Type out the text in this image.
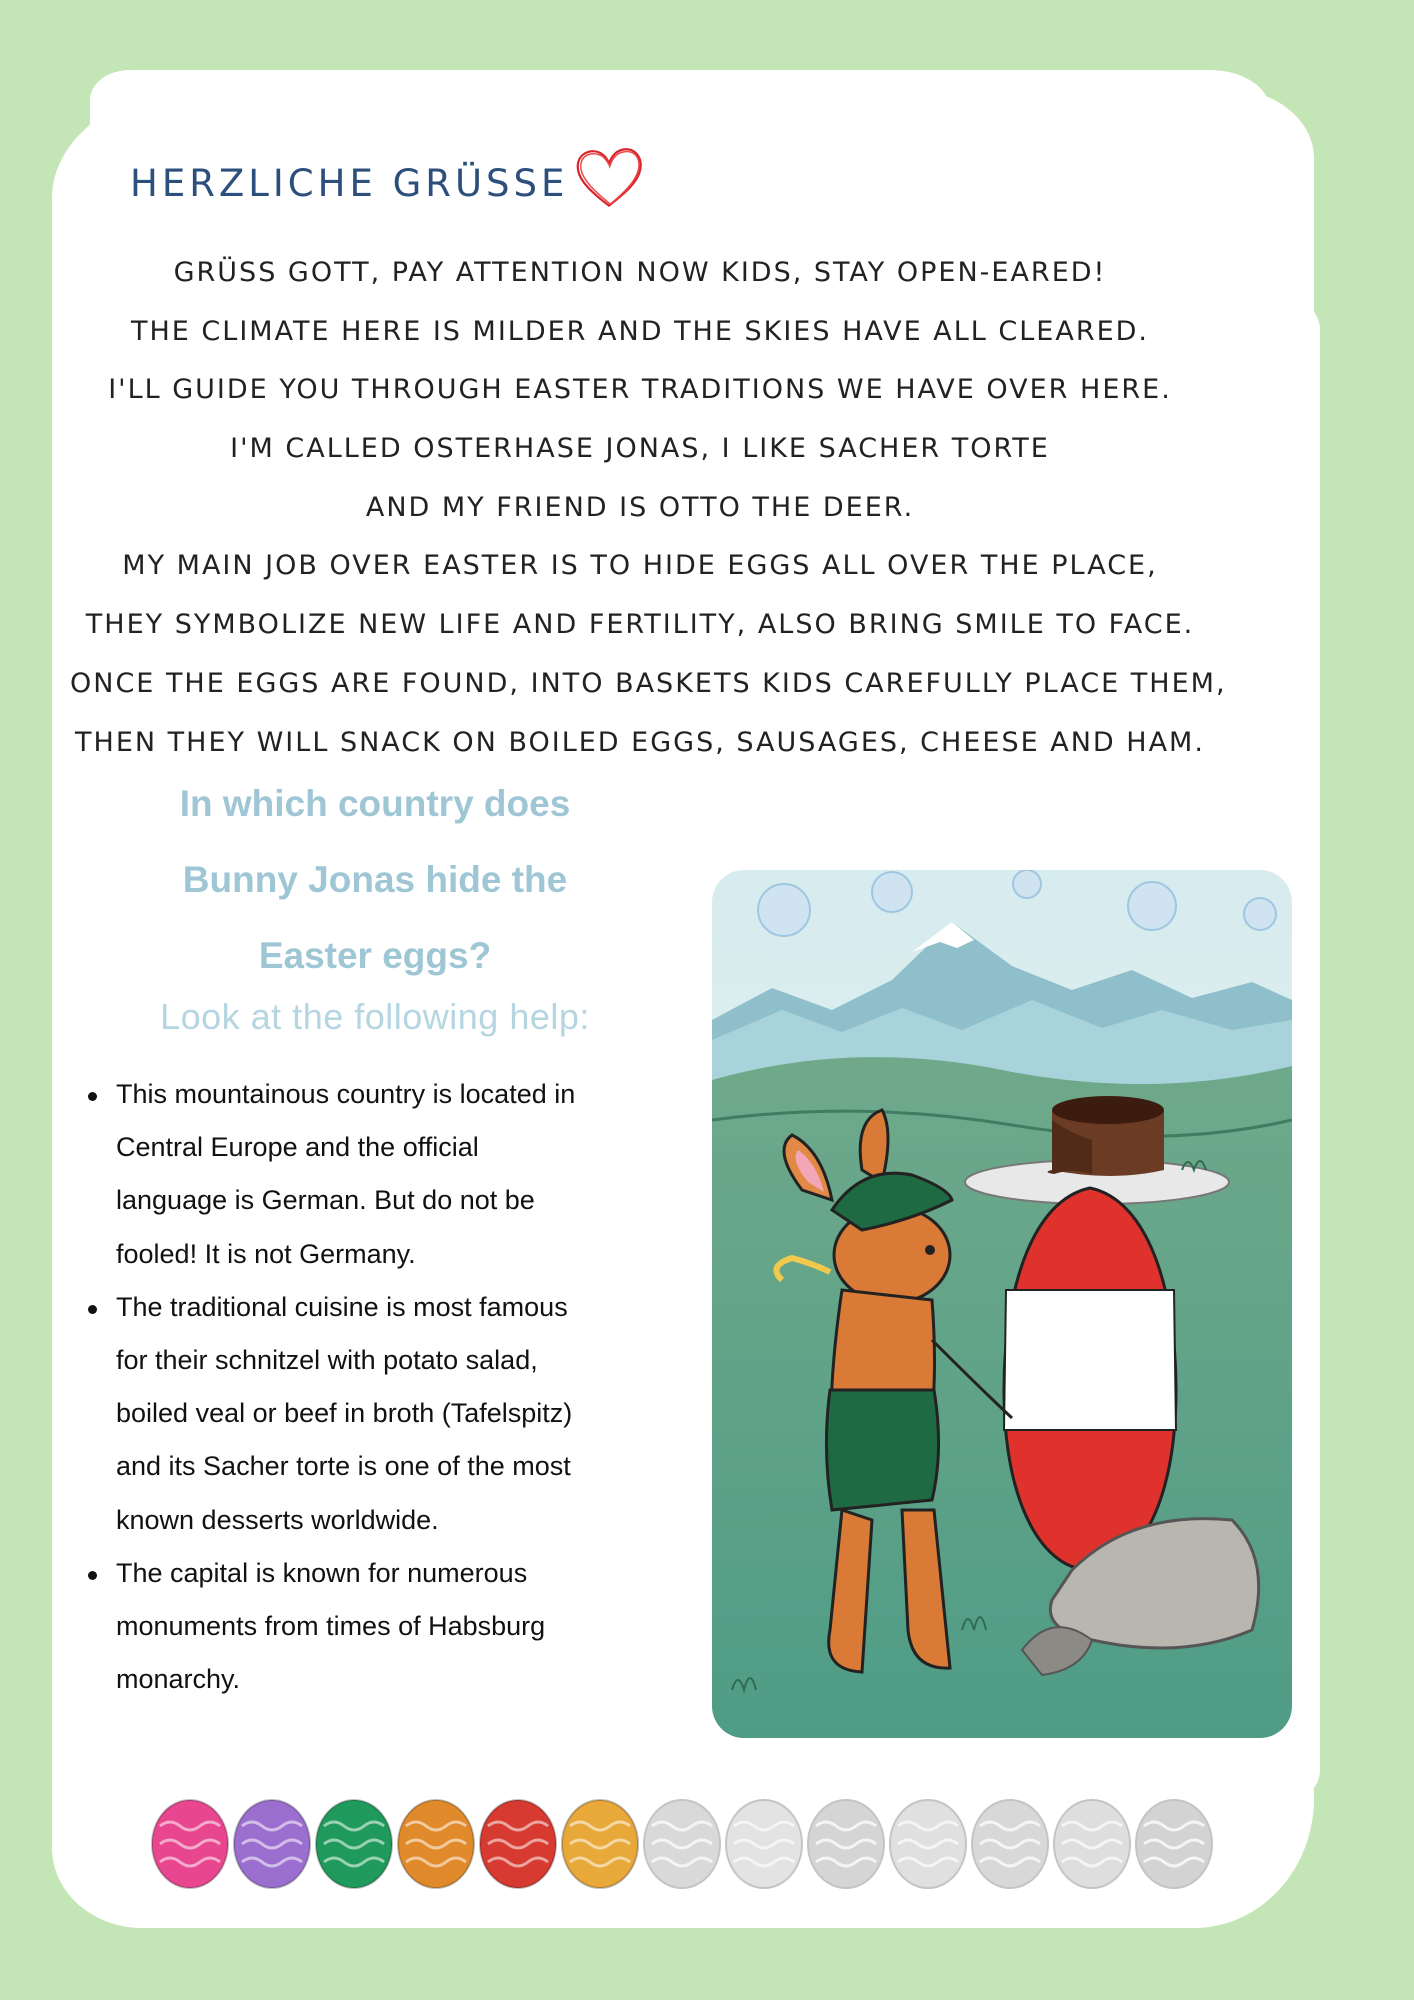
HERZLICHE GRÜSSE
GRÜSS GOTT, PAY ATTENTION NOW KIDS, STAY OPEN-EARED!
THE CLIMATE HERE IS MILDER AND THE SKIES HAVE ALL CLEARED.
I'LL GUIDE YOU THROUGH EASTER TRADITIONS WE HAVE OVER HERE.
I'M CALLED OSTERHASE JONAS, I LIKE SACHER TORTE
AND MY FRIEND IS OTTO THE DEER.
MY MAIN JOB OVER EASTER IS TO HIDE EGGS ALL OVER THE PLACE,
THEY SYMBOLIZE NEW LIFE AND FERTILITY, ALSO BRING SMILE TO FACE.
ONCE THE EGGS ARE FOUND, INTO BASKETS KIDS CAREFULLY PLACE THEM,
THEN THEY WILL SNACK ON BOILED EGGS, SAUSAGES, CHEESE AND HAM.
In which country does
Bunny Jonas hide the
Easter eggs?
Look at the following help:
This mountainous country is located in
Central Europe and the official
language is German. But do not be
fooled! It is not Germany.
The traditional cuisine is most famous
for their schnitzel with potato salad,
boiled veal or beef in broth (Tafelspitz)
and its Sacher torte is one of the most
known desserts worldwide.
The capital is known for numerous
monuments from times of Habsburg
monarchy.
